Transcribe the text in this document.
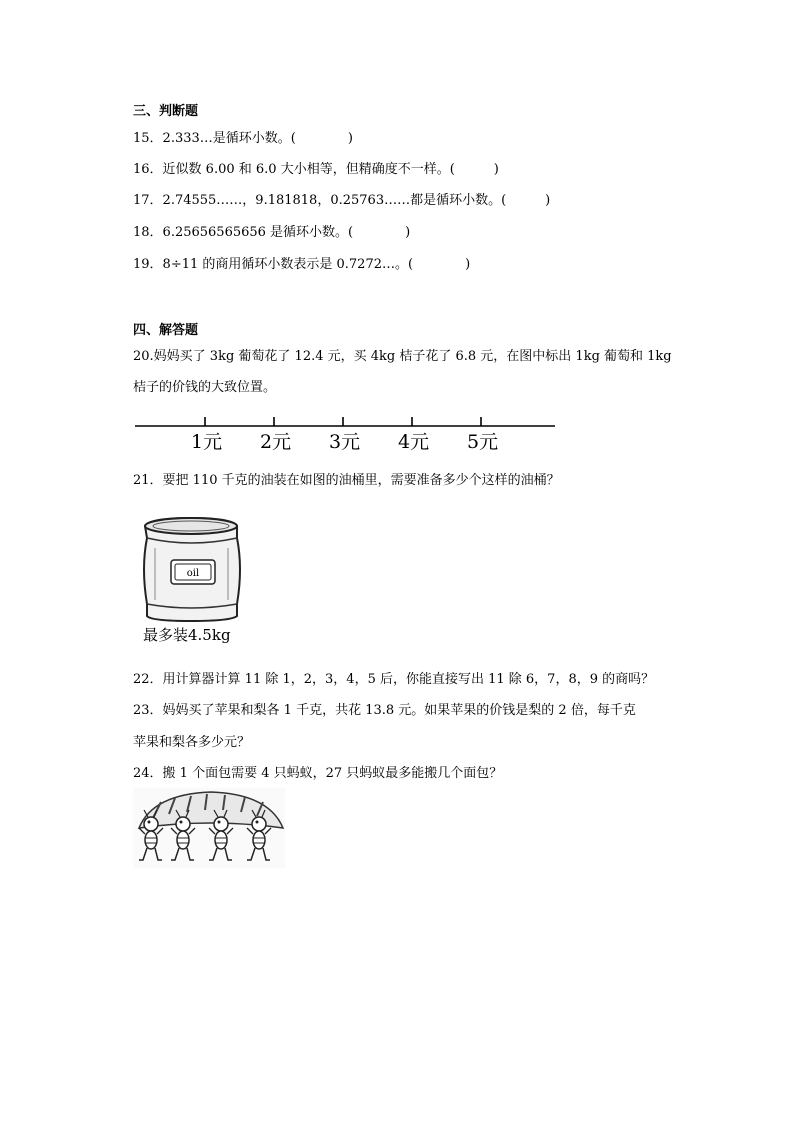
三、判断题
15．2.333…是循环小数。(　　　　)
16．近似数 6.00 和 6.0 大小相等，但精确度不一样。(　　　)
17．2.74555……，9.181818，0.25763……都是循环小数。(　　　)
18．6.25656565656 是循环小数。(　　　　)
19．8÷11 的商用循环小数表示是 0.7272…。(　　　　)
四、解答题
20.妈妈买了 3kg 葡萄花了 12.4 元，买 4kg 桔子花了 6.8 元，在图中标出 1kg 葡萄和 1kg
桔子的价钱的大致位置。
1元 2元 3元 4元 5元
21．要把 110 千克的油装在如图的油桶里，需要准备多少个这样的油桶？
oil
最多装4.5kg
22．用计算器计算 11 除 1，2，3，4，5 后，你能直接写出 11 除 6，7，8，9 的商吗？
23．妈妈买了苹果和梨各 1 千克，共花 13.8 元。如果苹果的价钱是梨的 2 倍，每千克
苹果和梨各多少元？
24．搬 1 个面包需要 4 只蚂蚁，27 只蚂蚁最多能搬几个面包？
